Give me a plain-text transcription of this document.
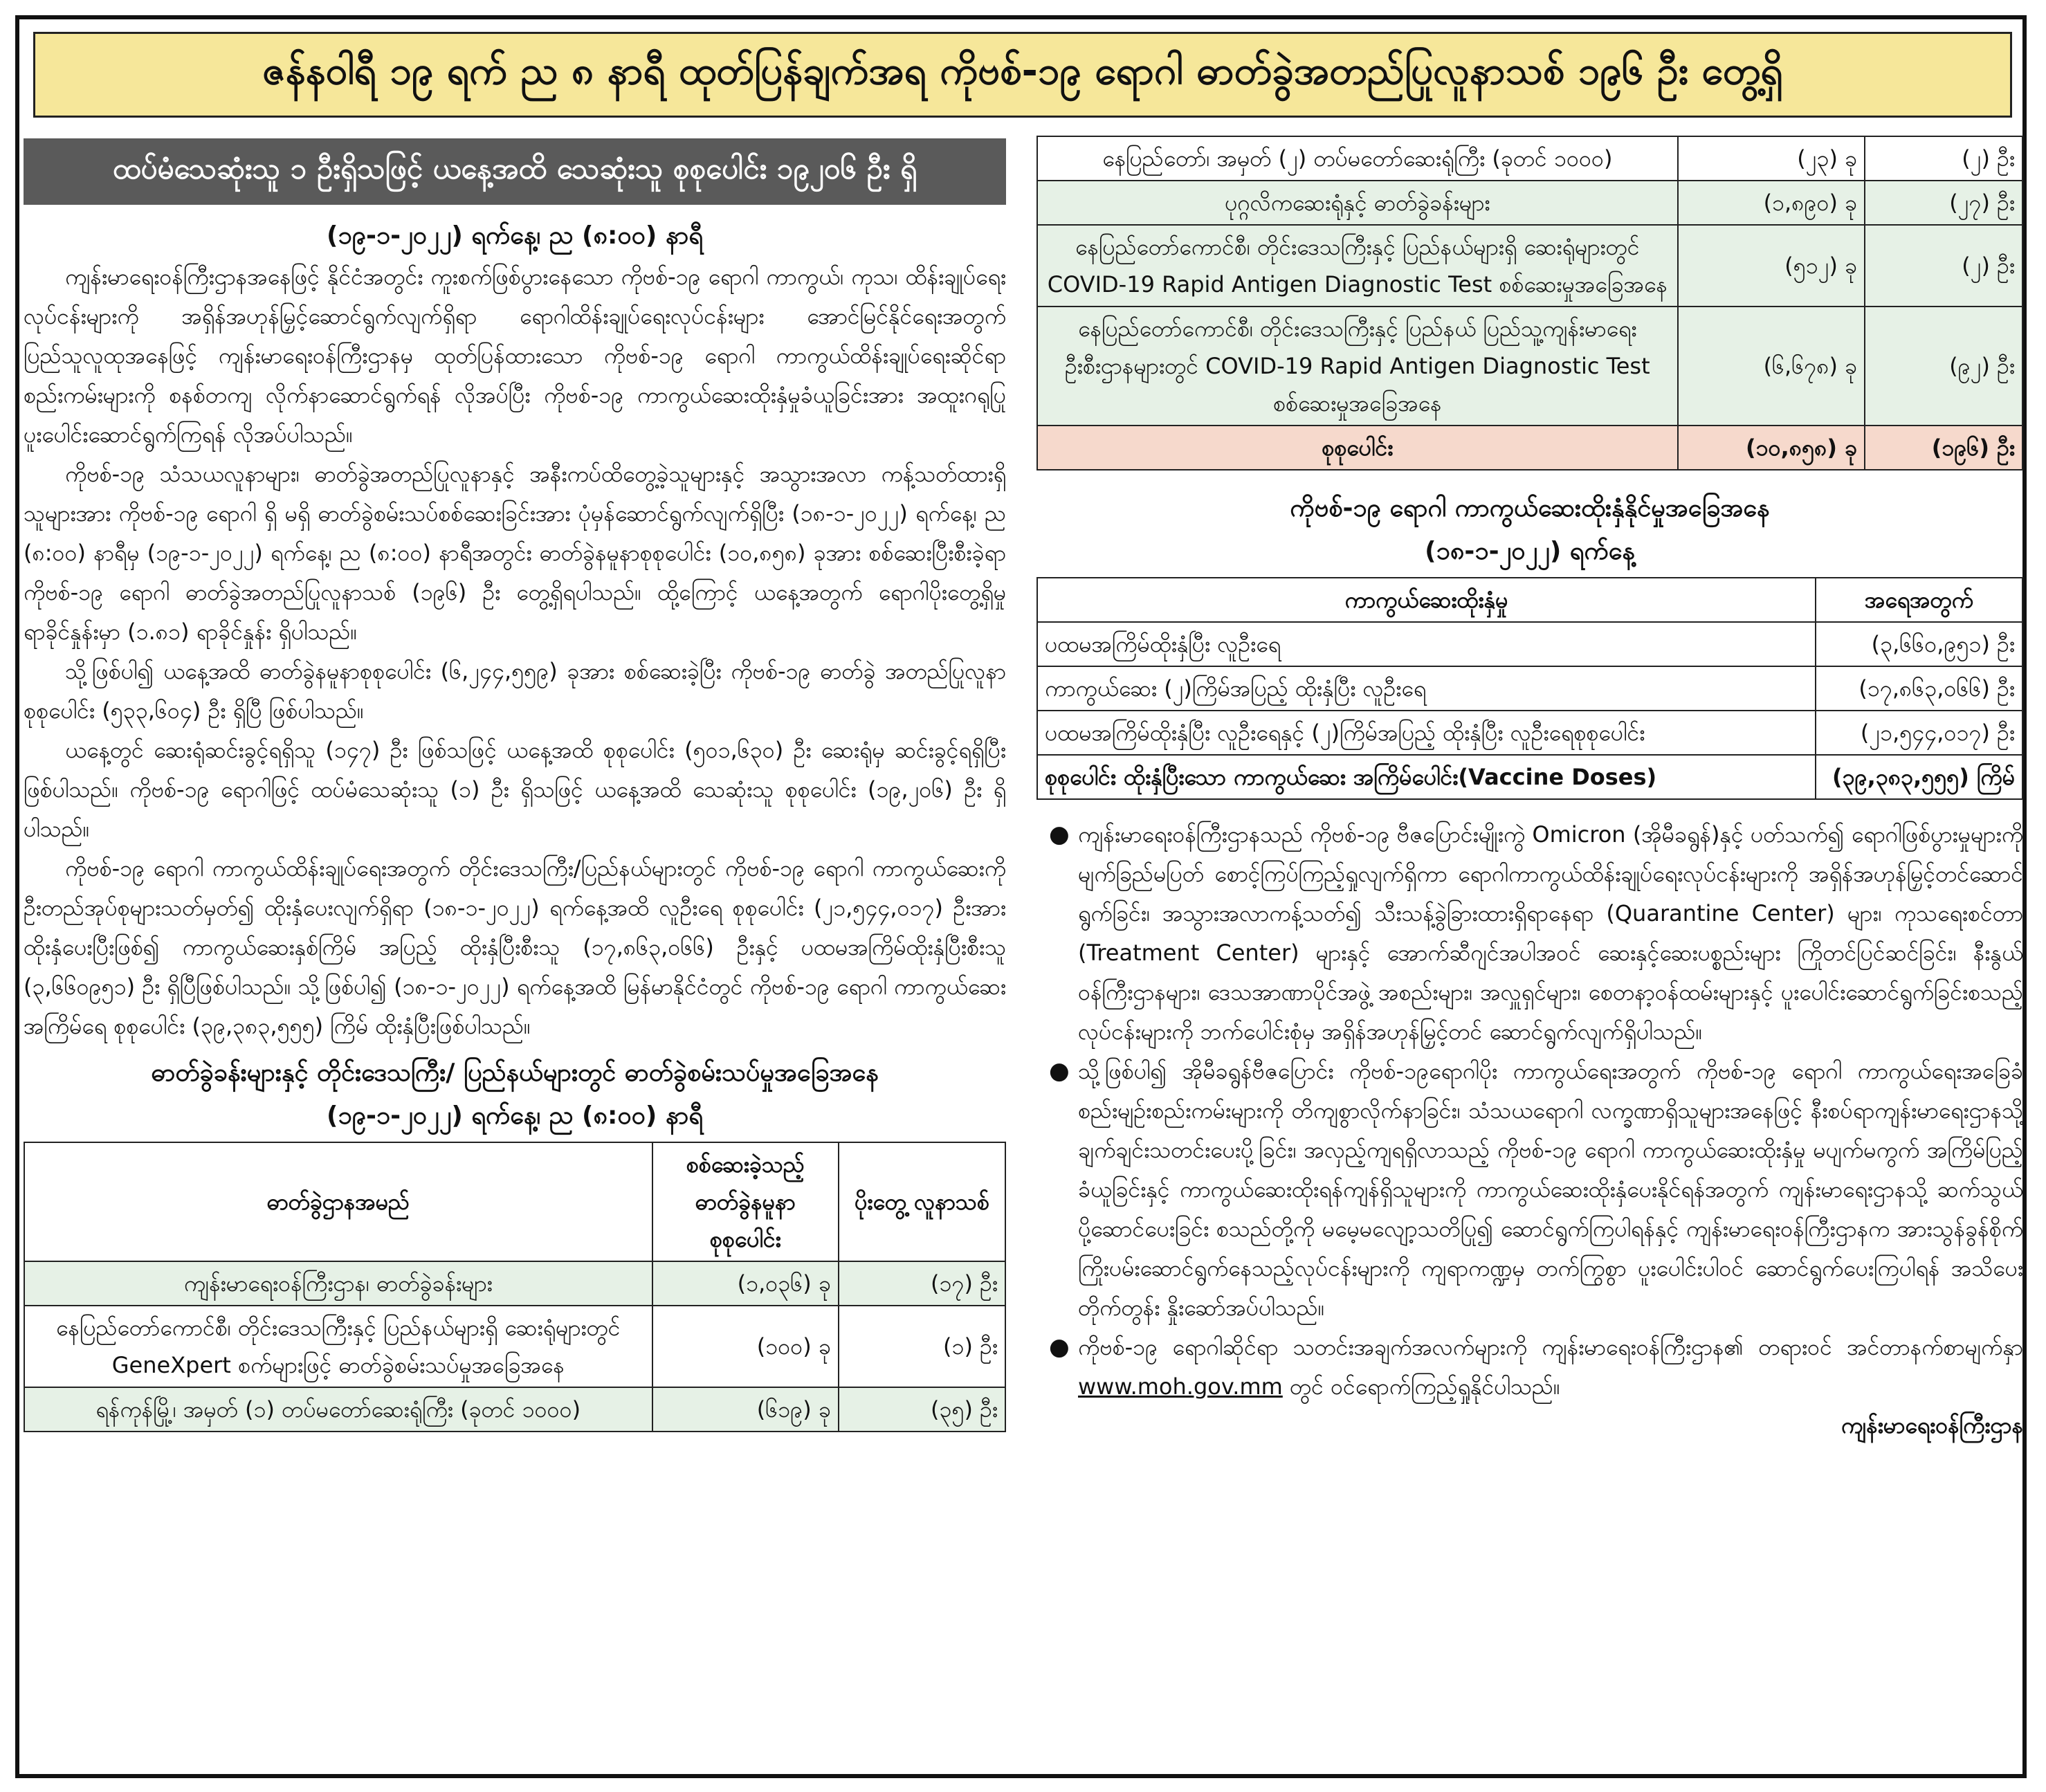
ဇန်နဝါရီ ၁၉ ရက် ည ၈ နာရီ ထုတ်ပြန်ချက်အရ ကိုဗစ်-၁၉ ရောဂါ ဓာတ်ခွဲအတည်ပြုလူနာသစ် ၁၉၆ ဦး တွေ့ရှိ
ထပ်မံသေဆုံးသူ ၁ ဦးရှိသဖြင့် ယနေ့အထိ သေဆုံးသူ စုစုပေါင်း ၁၉၂၀၆ ဦး ရှိ
(၁၉-၁-၂၀၂၂) ရက်နေ့၊ ည (၈:၀၀) နာရီ

ကျန်းမာရေးဝန်ကြီးဌာနအနေဖြင့် နိုင်ငံအတွင်း ကူးစက်ဖြစ်ပွားနေသော ကိုဗစ်-၁၉ ရောဂါ ကာကွယ်၊ ကုသ၊ ထိန်းချုပ်ရေးလုပ်ငန်းများကို အရှိန်အဟုန်မြှင့်ဆောင်ရွက်လျက်ရှိရာ ရောဂါထိန်းချုပ်ရေးလုပ်ငန်းများ အောင်မြင်နိုင်ရေးအတွက် ပြည်သူလူထုအနေဖြင့် ကျန်းမာရေးဝန်ကြီးဌာနမှ ထုတ်ပြန်ထားသော ကိုဗစ်-၁၉ ရောဂါ ကာကွယ်ထိန်းချုပ်ရေးဆိုင်ရာစည်းကမ်းများကို စနစ်တကျ လိုက်နာဆောင်ရွက်ရန် လိုအပ်ပြီး ကိုဗစ်-၁၉ ကာကွယ်ဆေးထိုးနှံမှုခံယူခြင်းအား အထူးဂရုပြု ပူးပေါင်းဆောင်ရွက်ကြရန် လိုအပ်ပါသည်။

ကိုဗစ်-၁၉ သံသယလူနာများ၊ ဓာတ်ခွဲအတည်ပြုလူနာနှင့် အနီးကပ်ထိတွေ့ခဲ့သူများနှင့် အသွားအလာ ကန့်သတ်ထားရှိသူများအား ကိုဗစ်-၁၉ ရောဂါ ရှိ မရှိ ဓာတ်ခွဲစမ်းသပ်စစ်ဆေးခြင်းအား ပုံမှန်ဆောင်ရွက်လျက်ရှိပြီး (၁၈-၁-၂၀၂၂) ရက်နေ့၊ ည (၈:၀၀) နာရီမှ (၁၉-၁-၂၀၂၂) ရက်နေ့၊ ည (၈:၀၀) နာရီအတွင်း ဓာတ်ခွဲနမူနာစုစုပေါင်း (၁၀,၈၅၈) ခုအား စစ်ဆေးပြီးစီးခဲ့ရာ ကိုဗစ်-၁၉ ရောဂါ ဓာတ်ခွဲအတည်ပြုလူနာသစ် (၁၉၆) ဦး တွေ့ရှိရပါသည်။ ထို့ကြောင့် ယနေ့အတွက် ရောဂါပိုးတွေ့ရှိမှု ရာခိုင်နှုန်းမှာ (၁.၈၁) ရာခိုင်နှုန်း ရှိပါသည်။

သို့ဖြစ်ပါ၍ ယနေ့အထိ ဓာတ်ခွဲနမူနာစုစုပေါင်း (၆,၂၄၄,၅၅၉) ခုအား စစ်ဆေးခဲ့ပြီး ကိုဗစ်-၁၉ ဓာတ်ခွဲ အတည်ပြုလူနာ စုစုပေါင်း (၅၃၃,၆၀၄) ဦး ရှိပြီ ဖြစ်ပါသည်။

ယနေ့တွင် ဆေးရုံဆင်းခွင့်ရရှိသူ (၁၄၇) ဦး ဖြစ်သဖြင့် ယနေ့အထိ စုစုပေါင်း (၅၀၁,၆၃၀) ဦး ဆေးရုံမှ ဆင်းခွင့်ရရှိပြီး ဖြစ်ပါသည်။ ကိုဗစ်-၁၉ ရောဂါဖြင့် ထပ်မံသေဆုံးသူ (၁) ဦး ရှိသဖြင့် ယနေ့အထိ သေဆုံးသူ စုစုပေါင်း (၁၉,၂၀၆) ဦး ရှိပါသည်။

ကိုဗစ်-၁၉ ရောဂါ ကာကွယ်ထိန်းချုပ်ရေးအတွက် တိုင်းဒေသကြီး/ပြည်နယ်များတွင် ကိုဗစ်-၁၉ ရောဂါ ကာကွယ်ဆေးကို ဦးတည်အုပ်စုများသတ်မှတ်၍ ထိုးနှံပေးလျက်ရှိရာ (၁၈-၁-၂၀၂၂) ရက်နေ့အထိ လူဦးရေ စုစုပေါင်း (၂၁,၅၄၄,၀၁၇) ဦးအား ထိုးနှံပေးပြီးဖြစ်၍ ကာကွယ်ဆေးနှစ်ကြိမ် အပြည့် ထိုးနှံပြီးစီးသူ (၁၇,၈၆၃,၀၆၆) ဦးနှင့် ပထမအကြိမ်ထိုးနှံပြီးစီးသူ (၃,၆၆၀၉၅၁) ဦး ရှိပြီဖြစ်ပါသည်။ သို့ဖြစ်ပါ၍ (၁၈-၁-၂၀၂၂) ရက်နေ့အထိ မြန်မာနိုင်ငံတွင် ကိုဗစ်-၁၉ ရောဂါ ကာကွယ်ဆေး အကြိမ်ရေ စုစုပေါင်း (၃၉,၃၈၃,၅၅၅) ကြိမ် ထိုးနှံပြီးဖြစ်ပါသည်။

ဓာတ်ခွဲခန်းများနှင့် တိုင်းဒေသကြီး/ ပြည်နယ်များတွင် ဓာတ်ခွဲစမ်းသပ်မှုအခြေအနေ
(၁၉-၁-၂၀၂၂) ရက်နေ့၊ ည (၈:၀၀) နာရီ
ဓာတ်ခွဲဌာနအမည်	စစ်ဆေးခဲ့သည့် ဓာတ်ခွဲနမူနာ စုစုပေါင်း	ပိုးတွေ့ လူနာသစ်
ကျန်းမာရေးဝန်ကြီးဌာန၊ ဓာတ်ခွဲခန်းများ	(၁,၀၃၆) ခု	(၁၇) ဦး
နေပြည်တော်ကောင်စီ၊ တိုင်းဒေသကြီးနှင့် ပြည်နယ်များရှိ ဆေးရုံများတွင် GeneXpert စက်များဖြင့် ဓာတ်ခွဲစမ်းသပ်မှုအခြေအနေ	(၁၀၀) ခု	(၁) ဦး
ရန်ကုန်မြို့၊ အမှတ် (၁) တပ်မတော်ဆေးရုံကြီး (ခုတင် ၁၀၀၀)	(၆၁၉) ခု	(၃၅) ဦး
နေပြည်တော်၊ အမှတ် (၂) တပ်မတော်ဆေးရုံကြီး (ခုတင် ၁၀၀၀)	(၂၃) ခု	(၂) ဦး
ပုဂ္ဂလိကဆေးရုံနှင့် ဓာတ်ခွဲခန်းများ	(၁,၈၉၀) ခု	(၂၇) ဦး
နေပြည်တော်ကောင်စီ၊ တိုင်းဒေသကြီးနှင့် ပြည်နယ်များရှိ ဆေးရုံများတွင် COVID-19 Rapid Antigen Diagnostic Test စစ်ဆေးမှုအခြေအနေ	(၅၁၂) ခု	(၂) ဦး
နေပြည်တော်ကောင်စီ၊ တိုင်းဒေသကြီးနှင့် ပြည်နယ် ပြည်သူ့ကျန်းမာရေးဦးစီးဌာနများတွင် COVID-19 Rapid Antigen Diagnostic Test စစ်ဆေးမှုအခြေအနေ	(၆,၆၇၈) ခု	(၉၂) ဦး
စုစုပေါင်း	(၁၀,၈၅၈) ခု	(၁၉၆) ဦး
ကိုဗစ်-၁၉ ရောဂါ ကာကွယ်ဆေးထိုးနှံနိုင်မှုအခြေအနေ
(၁၈-၁-၂၀၂၂) ရက်နေ့
ကာကွယ်ဆေးထိုးနှံမှု	အရေအတွက်
ပထမအကြိမ်ထိုးနှံပြီး လူဦးရေ	(၃,၆၆၀,၉၅၁) ဦး
ကာကွယ်ဆေး (၂)ကြိမ်အပြည့် ထိုးနှံပြီး လူဦးရေ	(၁၇,၈၆၃,၀၆၆) ဦး
ပထမအကြိမ်ထိုးနှံပြီး လူဦးရေနှင့် (၂)ကြိမ်အပြည့် ထိုးနှံပြီး လူဦးရေစုစုပေါင်း	(၂၁,၅၄၄,၀၁၇) ဦး
စုစုပေါင်း ထိုးနှံပြီးသော ကာကွယ်ဆေး အကြိမ်ပေါင်း(Vaccine Doses)	(၃၉,၃၈၃,၅၅၅) ကြိမ်

● ကျန်းမာရေးဝန်ကြီးဌာနသည် ကိုဗစ်-၁၉ ဗီဇပြောင်းမျိုးကွဲ Omicron (အိုမီခရွန်)နှင့် ပတ်သက်၍ ရောဂါဖြစ်ပွားမှုများကို မျက်ခြည်မပြတ် စောင့်ကြပ်ကြည့်ရှုလျက်ရှိကာ ရောဂါကာကွယ်ထိန်းချုပ်ရေးလုပ်ငန်းများကို အရှိန်အဟုန်မြှင့်တင်ဆောင်ရွက်ခြင်း၊ အသွားအလာကန့်သတ်၍ သီးသန့်ခွဲခြားထားရှိရာနေရာ (Quarantine Center) များ၊ ကုသရေးစင်တာ (Treatment Center) များနှင့် အောက်ဆီဂျင်အပါအဝင် ဆေးနှင့်ဆေးပစ္စည်းများ ကြိုတင်ပြင်ဆင်ခြင်း၊ နီးနွယ်ဝန်ကြီးဌာနများ၊ ဒေသအာဏာပိုင်အဖွဲ့ အစည်းများ၊ အလှူရှင်များ၊ စေတနာ့ဝန်ထမ်းများနှင့် ပူးပေါင်းဆောင်ရွက်ခြင်းစသည့် လုပ်ငန်းများကို ဘက်ပေါင်းစုံမှ အရှိန်အဟုန်မြှင့်တင် ဆောင်ရွက်လျက်ရှိပါသည်။

● သို့ဖြစ်ပါ၍ အိုမီခရွန်ဗီဇပြောင်း ကိုဗစ်-၁၉ရောဂါပိုး ကာကွယ်ရေးအတွက် ကိုဗစ်-၁၉ ရောဂါ ကာကွယ်ရေးအခြေခံ စည်းမျဉ်းစည်းကမ်းများကို တိကျစွာလိုက်နာခြင်း၊ သံသယရောဂါ လက္ခဏာရှိသူများအနေဖြင့် နီးစပ်ရာကျန်းမာရေးဌာနသို့ ချက်ချင်းသတင်းပေးပို့ခြင်း၊ အလှည့်ကျရရှိလာသည့် ကိုဗစ်-၁၉ ရောဂါ ကာကွယ်ဆေးထိုးနှံမှု မပျက်မကွက် အကြိမ်ပြည့်ခံယူခြင်းနှင့် ကာကွယ်ဆေးထိုးရန်ကျန်ရှိသူများကို ကာကွယ်ဆေးထိုးနှံပေးနိုင်ရန်အတွက် ကျန်းမာရေးဌာနသို့ ဆက်သွယ်ပို့ဆောင်ပေးခြင်း စသည်တို့ကို မမေ့မလျော့သတိပြု၍ ဆောင်ရွက်ကြပါရန်နှင့် ကျန်းမာရေးဝန်ကြီးဌာနက အားသွန်ခွန်စိုက် ကြိုးပမ်းဆောင်ရွက်နေသည့်လုပ်ငန်းများကို ကျရာကဏ္ဍမှ တက်ကြွစွာ ပူးပေါင်းပါဝင် ဆောင်ရွက်ပေးကြပါရန် အသိပေးတိုက်တွန်း နှိုးဆော်အပ်ပါသည်။

● ကိုဗစ်-၁၉ ရောဂါဆိုင်ရာ သတင်းအချက်အလက်များကို ကျန်းမာရေးဝန်ကြီးဌာန၏ တရားဝင် အင်တာနက်စာမျက်နှာ www.moh.gov.mm တွင် ဝင်ရောက်ကြည့်ရှုနိုင်ပါသည်။

ကျန်းမာရေးဝန်ကြီးဌာန
